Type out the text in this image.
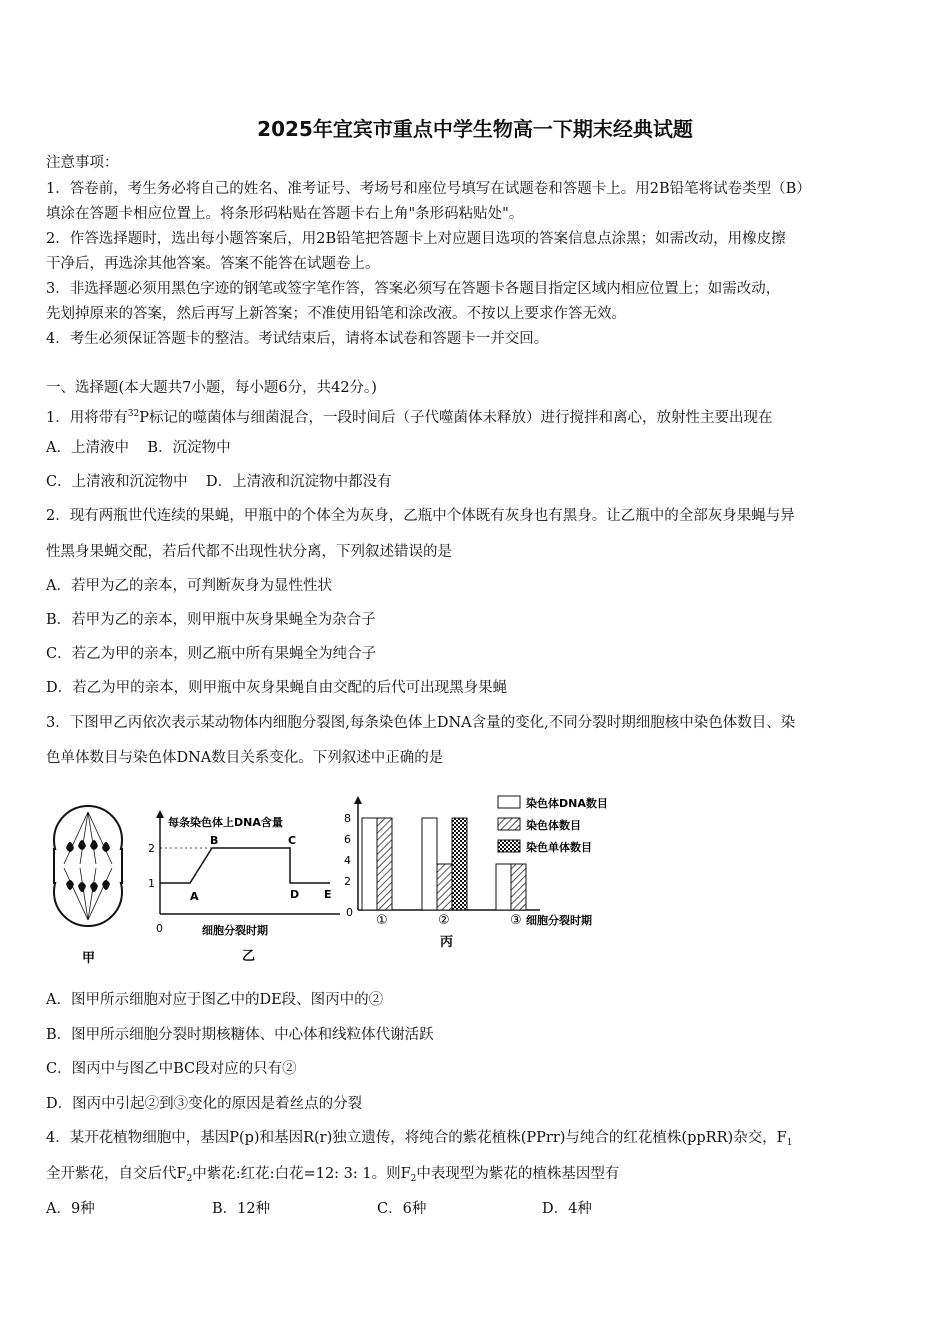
2025年宜宾市重点中学生物高一下期末经典试题
注意事项：
1．答卷前，考生务必将自己的姓名、准考证号、考场号和座位号填写在试题卷和答题卡上。用2B铅笔将试卷类型（B）
填涂在答题卡相应位置上。将条形码粘贴在答题卡右上角"条形码粘贴处"。
2．作答选择题时，选出每小题答案后，用2B铅笔把答题卡上对应题目选项的答案信息点涂黑；如需改动，用橡皮擦
干净后，再选涂其他答案。答案不能答在试题卷上。
3．非选择题必须用黑色字迹的钢笔或签字笔作答，答案必须写在答题卡各题目指定区域内相应位置上；如需改动，
先划掉原来的答案，然后再写上新答案；不准使用铅笔和涂改液。不按以上要求作答无效。
4．考生必须保证答题卡的整洁。考试结束后，请将本试卷和答题卡一并交回。
一、选择题(本大题共7小题，每小题6分，共42分。)
1．用将带有$^{32}$P标记的噬菌体与细菌混合，一段时间后（子代噬菌体未释放）进行搅拌和离心，放射性主要出现在
A．上清液中 B．沉淀物中
C．上清液和沉淀物中 D．上清液和沉淀物中都没有
2．现有两瓶世代连续的果蝇，甲瓶中的个体全为灰身，乙瓶中个体既有灰身也有黑身。让乙瓶中的全部灰身果蝇与异
性黑身果蝇交配，若后代都不出现性状分离，下列叙述错误的是
A．若甲为乙的亲本，可判断灰身为显性性状
B．若甲为乙的亲本，则甲瓶中灰身果蝇全为杂合子
C．若乙为甲的亲本，则乙瓶中所有果蝇全为纯合子
D．若乙为甲的亲本，则甲瓶中灰身果蝇自由交配的后代可出现黑身果蝇
3．下图甲乙丙依次表示某动物体内细胞分裂图,每条染色体上DNA含量的变化,不同分裂时期细胞核中染色体数目、染
色单体数目与染色体DNA数目关系变化。下列叙述中正确的是
甲
每条染色体上DNA含量
2
1
0
A
B	C
D E
细胞分裂时期
乙
8
6
4
2
0
①	②	③ 细胞分裂时期
丙
染色体DNA数目
染色体数目
染色单体数目
A．图甲所示细胞对应于图乙中的DE段、图丙中的②
B．图甲所示细胞分裂时期核糖体、中心体和线粒体代谢活跃
C．图丙中与图乙中BC段对应的只有②
D．图丙中引起②到③变化的原因是着丝点的分裂
4．某开花植物细胞中，基因P(p)和基因R(r)独立遗传，将纯合的紫花植株(PPrr)与纯合的红花植株(ppRR)杂交，$F_1$
全开紫花，自交后代$F_2$中紫花:红花:白花=12: 3: 1。则$F_2$中表现型为紫花的植株基因型有
A．9种	B．12种	C．6种	D．4种
